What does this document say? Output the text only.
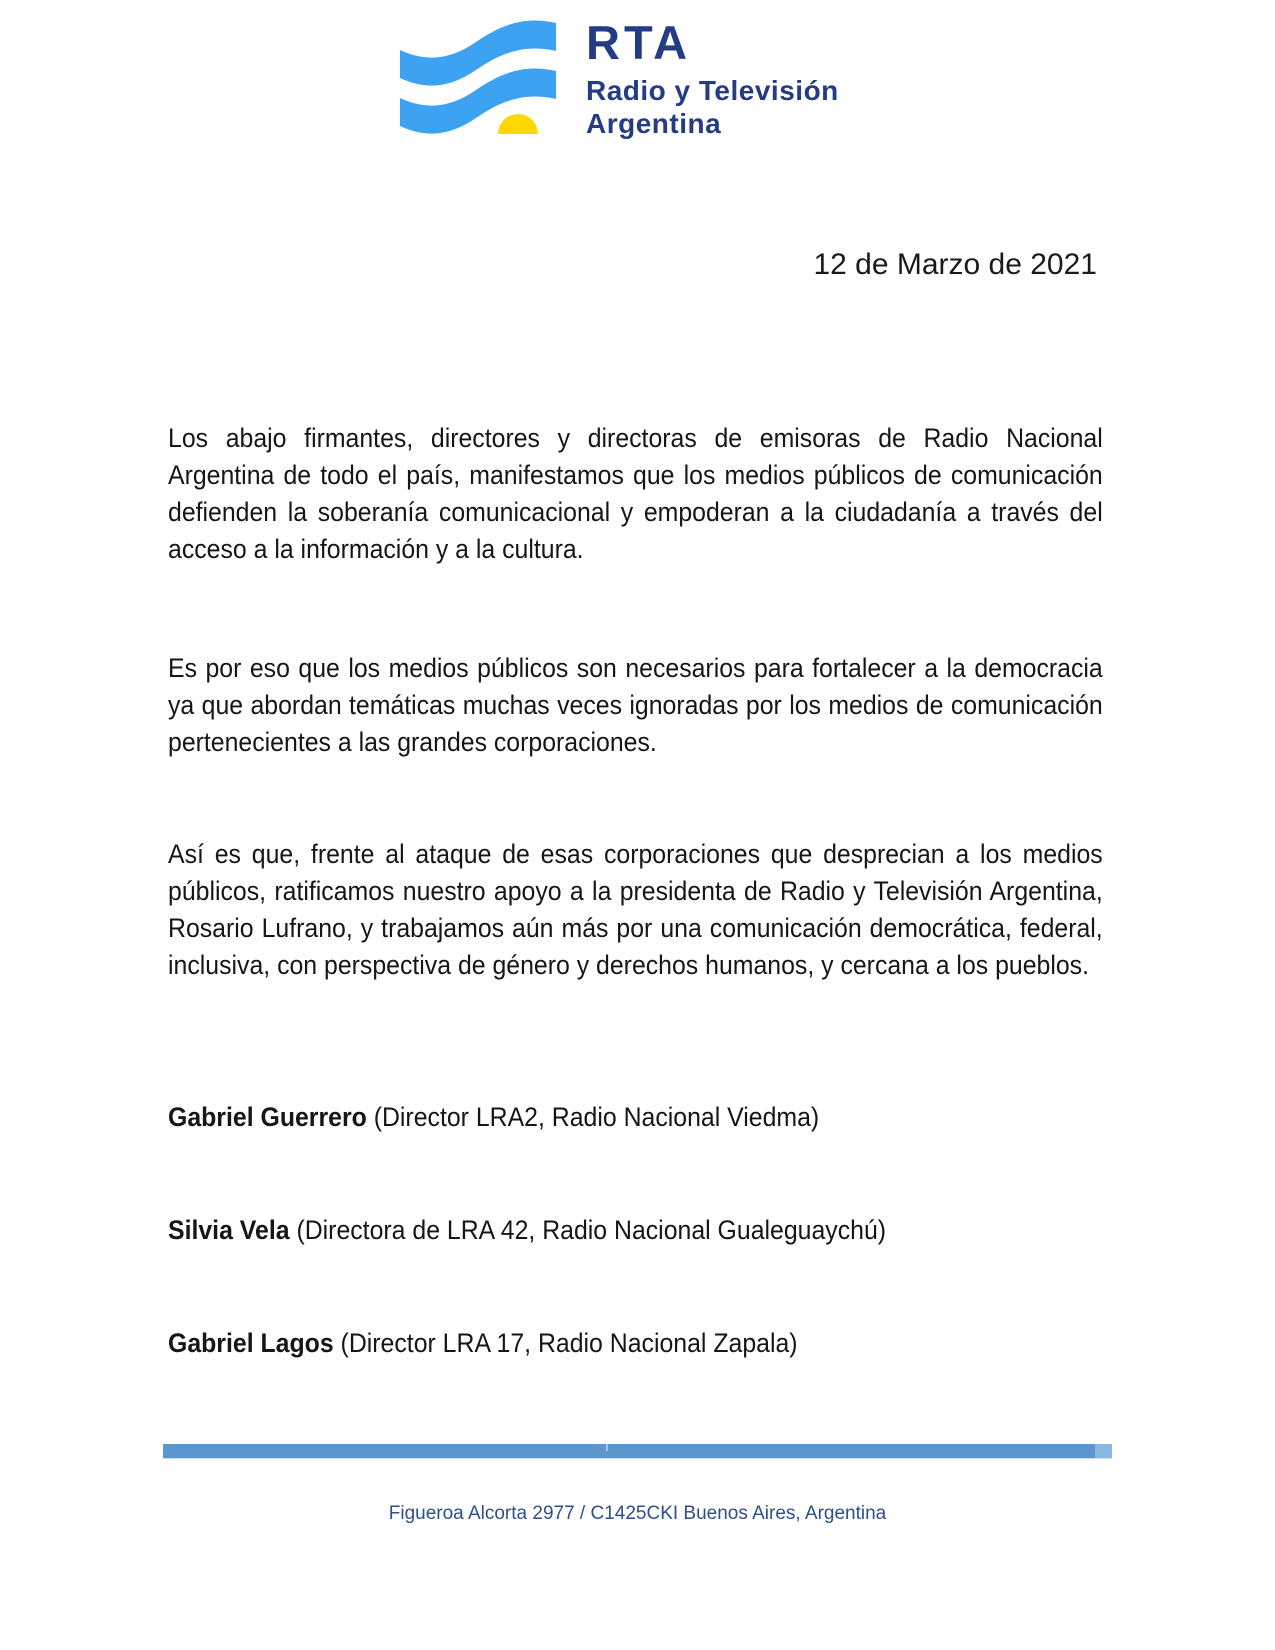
RTA
Radio y Televisión
Argentina
12 de Marzo de 2021

Los abajo firmantes, directores y directoras de emisoras de Radio Nacional Argentina de todo el país, manifestamos que los medios públicos de comunicación defienden la soberanía comunicacional y empoderan a la ciudadanía a través del acceso a la información y a la cultura.

Es por eso que los medios públicos son necesarios para fortalecer a la democracia ya que abordan temáticas muchas veces ignoradas por los medios de comunicación pertenecientes a las grandes corporaciones.

Así es que, frente al ataque de esas corporaciones que desprecian a los medios públicos, ratificamos nuestro apoyo a la presidenta de Radio y Televisión Argentina, Rosario Lufrano, y trabajamos aún más por una comunicación democrática, federal, inclusiva, con perspectiva de género y derechos humanos, y cercana a los pueblos.

Gabriel Guerrero (Director LRA2, Radio Nacional Viedma)

Silvia Vela (Directora de LRA 42, Radio Nacional Gualeguaychú)

Gabriel Lagos (Director LRA 17, Radio Nacional Zapala)

Figueroa Alcorta 2977 / C1425CKI Buenos Aires, Argentina
